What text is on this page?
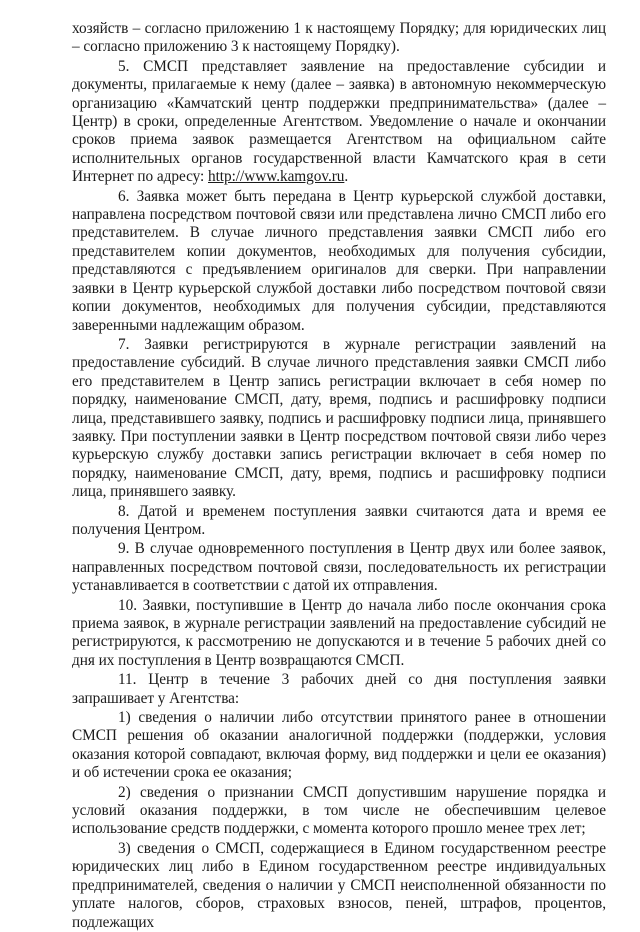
хозяйств – согласно приложению 1 к настоящему Порядку; для юридических лиц – согласно приложению 3 к настоящему Порядку).

5. СМСП представляет заявление на предоставление субсидии и документы, прилагаемые к нему (далее – заявка) в автономную некоммерческую организацию «Камчатский центр поддержки предпринимательства» (далее – Центр) в сроки, определенные Агентством. Уведомление о начале и окончании сроков приема заявок размещается Агентством на официальном сайте исполнительных органов государственной власти Камчатского края в сети Интернет по адресу: http://www.kamgov.ru.

6. Заявка может быть передана в Центр курьерской службой доставки, направлена посредством почтовой связи или представлена лично СМСП либо его представителем. В случае личного представления заявки СМСП либо его представителем копии документов, необходимых для получения субсидии, представляются с предъявлением оригиналов для сверки. При направлении заявки в Центр курьерской службой доставки либо посредством почтовой связи копии документов, необходимых для получения субсидии, представляются заверенными надлежащим образом.

7. Заявки регистрируются в журнале регистрации заявлений на предоставление субсидий. В случае личного представления заявки СМСП либо его представителем в Центр запись регистрации включает в себя номер по порядку, наименование СМСП, дату, время, подпись и расшифровку подписи лица, представившего заявку, подпись и расшифровку подписи лица, принявшего заявку. При поступлении заявки в Центр посредством почтовой связи либо через курьерскую службу доставки запись регистрации включает в себя номер по порядку, наименование СМСП, дату, время, подпись и расшифровку подписи лица, принявшего заявку.

8. Датой и временем поступления заявки считаются дата и время ее получения Центром.

9. В случае одновременного поступления в Центр двух или более заявок, направленных посредством почтовой связи, последовательность их регистрации устанавливается в соответствии с датой их отправления.

10. Заявки, поступившие в Центр до начала либо после окончания срока приема заявок, в журнале регистрации заявлений на предоставление субсидий не регистрируются, к рассмотрению не допускаются и в течение 5 рабочих дней со дня их поступления в Центр возвращаются СМСП.

11. Центр в течение 3 рабочих дней со дня поступления заявки запрашивает у Агентства:

1) сведения о наличии либо отсутствии принятого ранее в отношении СМСП решения об оказании аналогичной поддержки (поддержки, условия оказания которой совпадают, включая форму, вид поддержки и цели ее оказания) и об истечении срока ее оказания;

2) сведения о признании СМСП допустившим нарушение порядка и условий оказания поддержки, в том числе не обеспечившим целевое использование средств поддержки, с момента которого прошло менее трех лет;

3) сведения о СМСП, содержащиеся в Едином государственном реестре юридических лиц либо в Едином государственном реестре индивидуальных предпринимателей, сведения о наличии у СМСП неисполненной обязанности по уплате налогов, сборов, страховых взносов, пеней, штрафов, процентов, подлежащих
